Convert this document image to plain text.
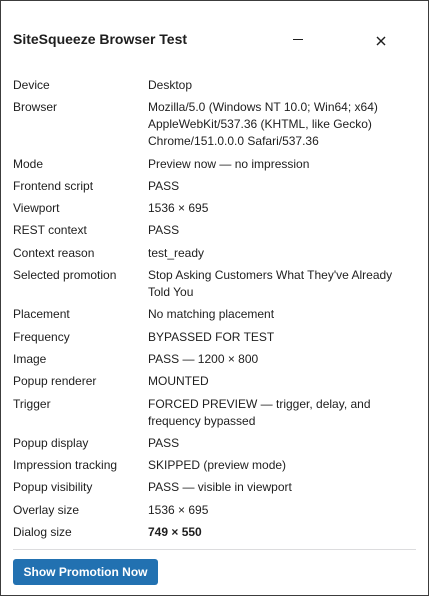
SiteSqueeze Browser Test
Device	Desktop
Browser	Mozilla/5.0 (Windows NT 10.0; Win64; x64) AppleWebKit/537.36 (KHTML, like Gecko) Chrome/151.0.0.0 Safari/537.36
Mode	Preview now — no impression
Frontend script	PASS
Viewport	1536 × 695
REST context	PASS
Context reason	test_ready
Selected promotion	Stop Asking Customers What They've Already Told You
Placement	No matching placement
Frequency	BYPASSED FOR TEST
Image	PASS — 1200 × 800
Popup renderer	MOUNTED
Trigger	FORCED PREVIEW — trigger, delay, and frequency bypassed
Popup display	PASS
Impression tracking	SKIPPED (preview mode)
Popup visibility	PASS — visible in viewport
Overlay size	1536 × 695
Dialog size	749 × 550
Show Promotion Now
